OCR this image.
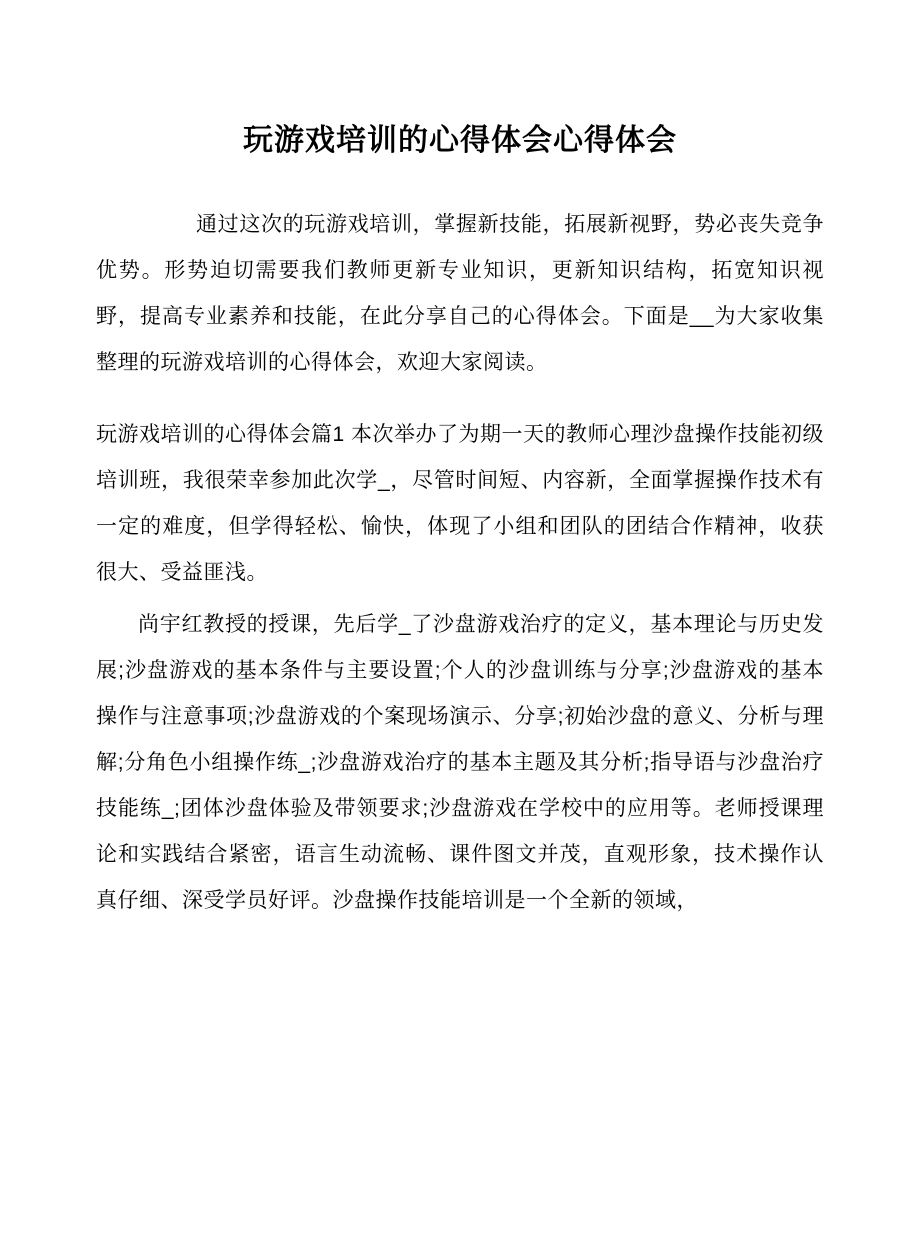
玩游戏培训的心得体会心得体会

通过这次的玩游戏培训，掌握新技能，拓展新视野，势必丧失竞争优势。形势迫切需要我们教师更新专业知识，更新知识结构，拓宽知识视野，提高专业素养和技能，在此分享自己的心得体会。下面是__为大家收集整理的玩游戏培训的心得体会，欢迎大家阅读。

玩游戏培训的心得体会篇1 本次举办了为期一天的教师心理沙盘操作技能初级培训班，我很荣幸参加此次学_，尽管时间短、内容新，全面掌握操作技术有一定的难度，但学得轻松、愉快，体现了小组和团队的团结合作精神，收获很大、受益匪浅。

尚宇红教授的授课，先后学_了沙盘游戏治疗的定义，基本理论与历史发展;沙盘游戏的基本条件与主要设置;个人的沙盘训练与分享;沙盘游戏的基本操作与注意事项;沙盘游戏的个案现场演示、分享;初始沙盘的意义、分析与理解;分角色小组操作练_;沙盘游戏治疗的基本主题及其分析;指导语与沙盘治疗技能练_;团体沙盘体验及带领要求;沙盘游戏在学校中的应用等。老师授课理论和实践结合紧密，语言生动流畅、课件图文并茂，直观形象，技术操作认真仔细、深受学员好评。沙盘操作技能培训是一个全新的领域，
